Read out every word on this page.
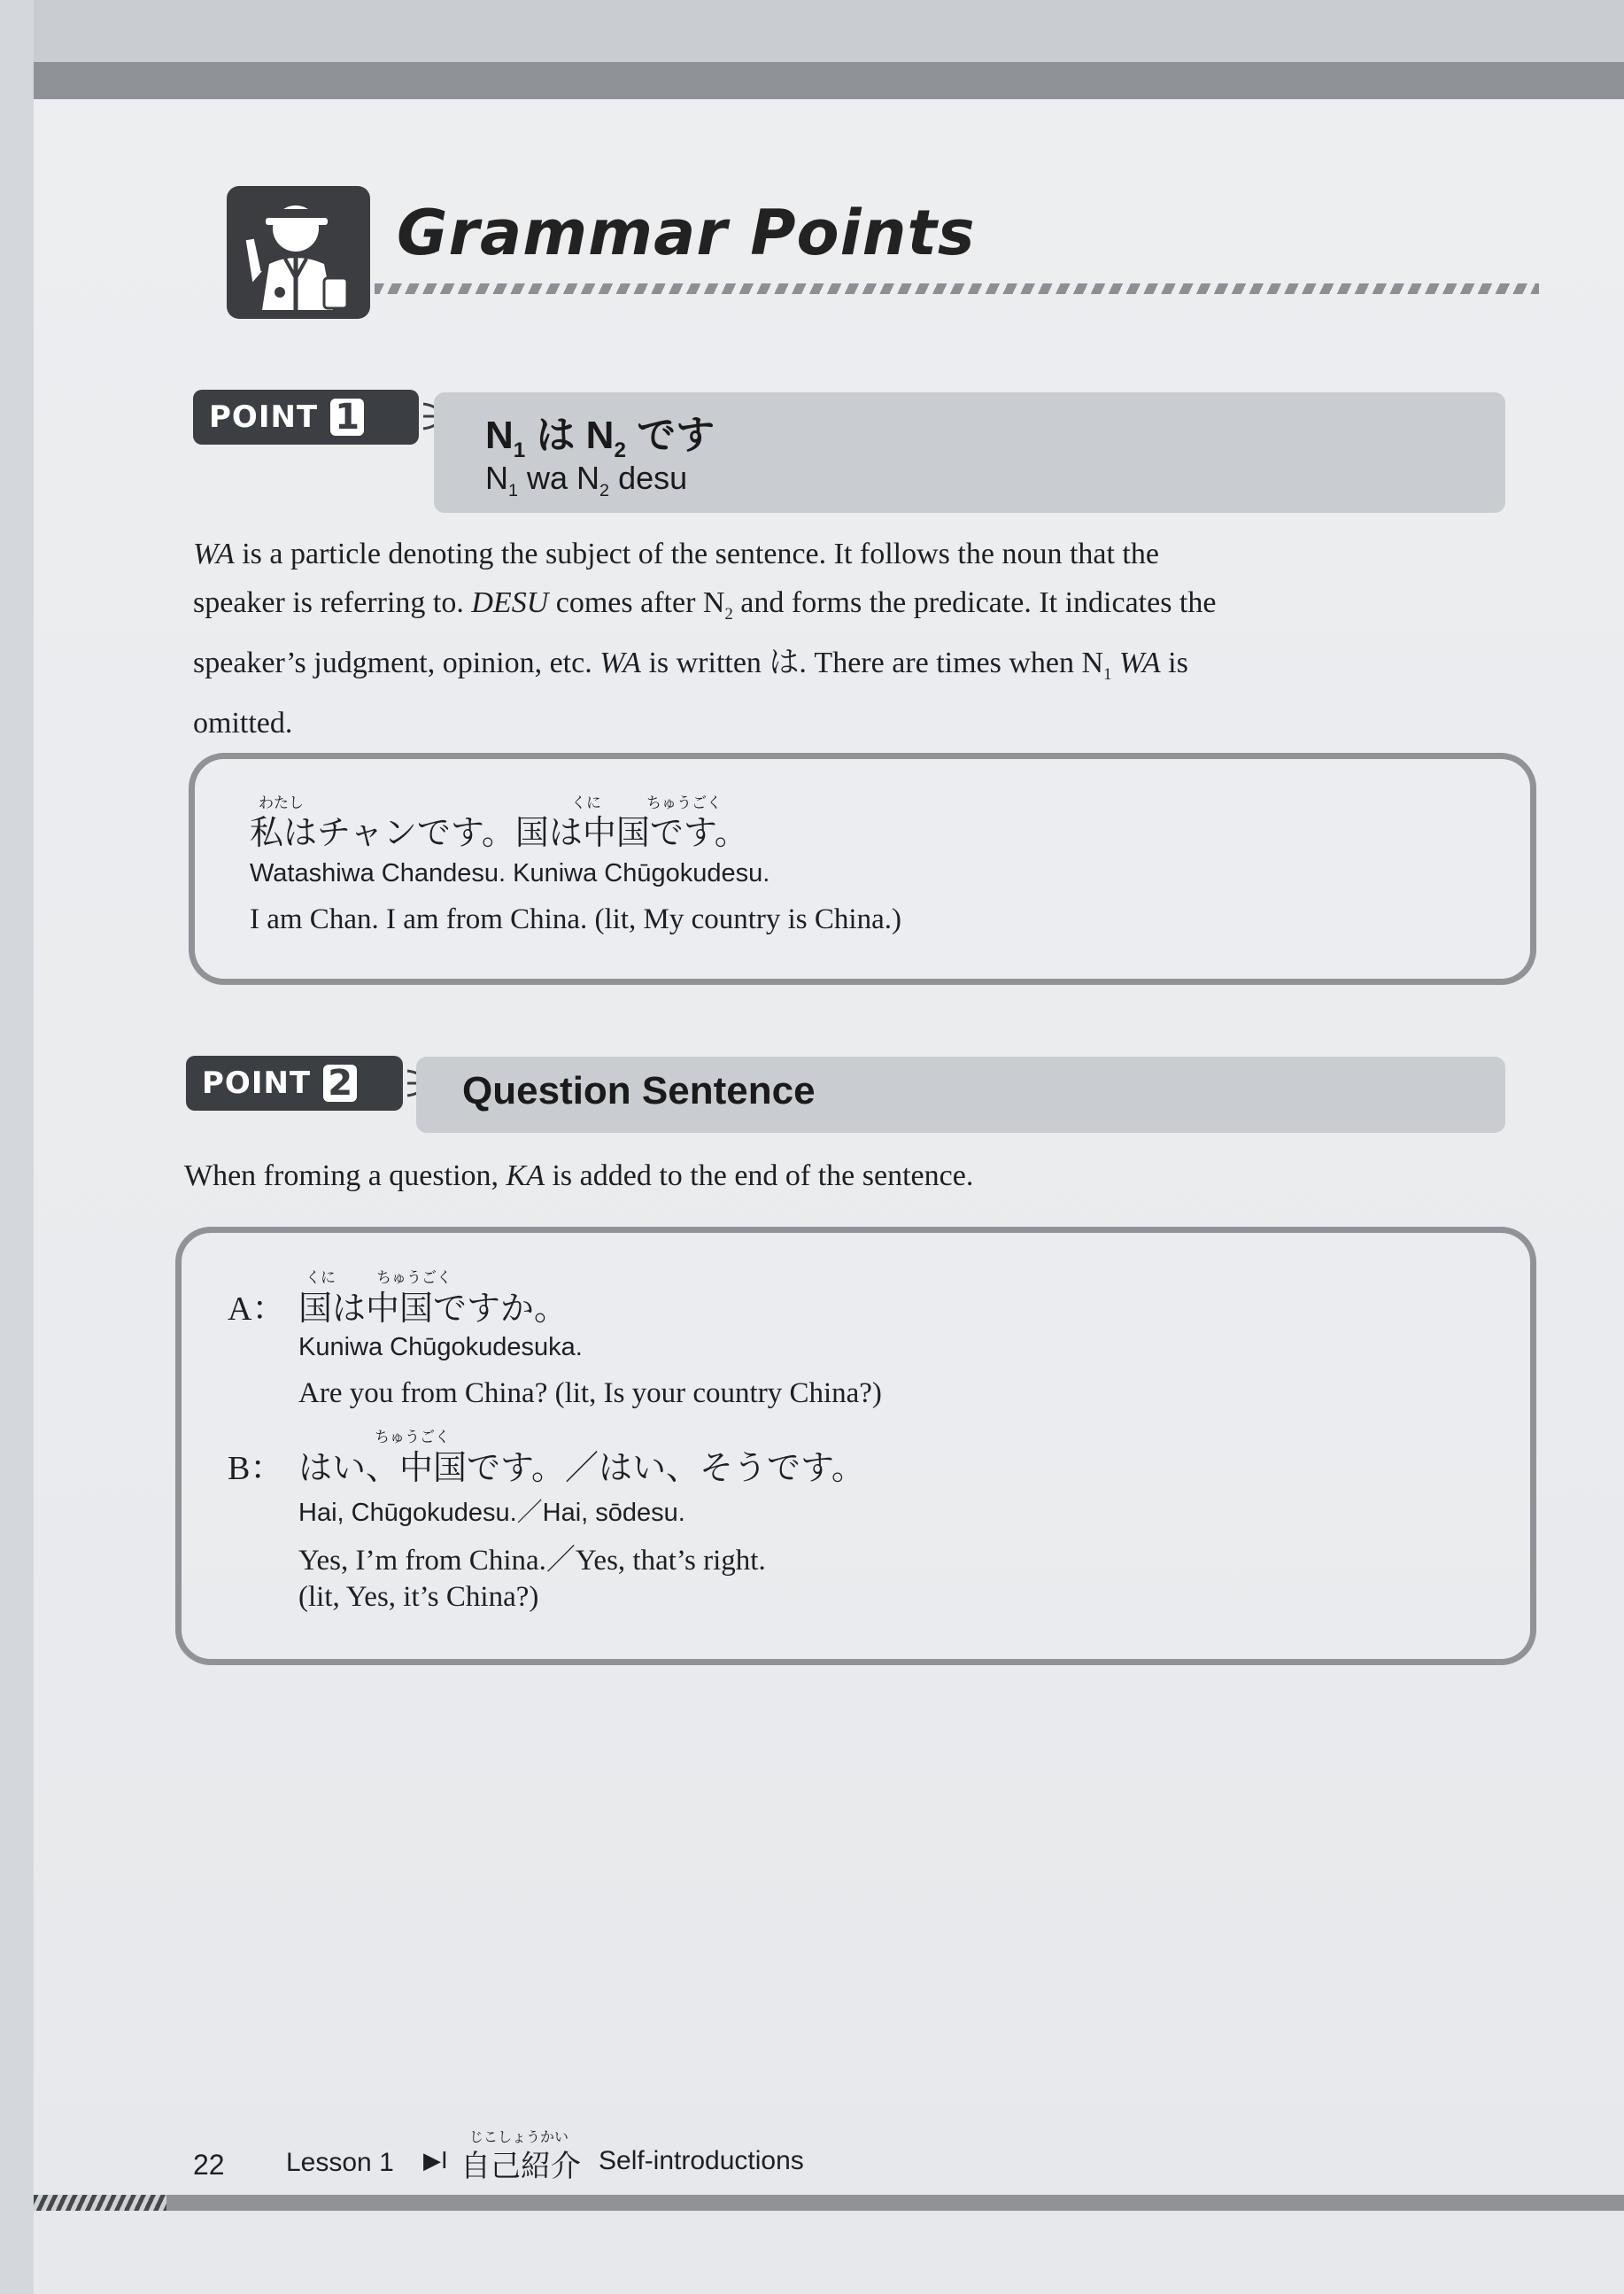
Grammar Points
POINT 1	$N_1$ は $N_2$ です
$N_1$ wa $N_2$ desu
WA is a particle denoting the subject of the sentence. It follows the noun that the
speaker is referring to. DESU comes after $N_2$ and forms the predicate. It indicates the
speaker’s judgment, opinion, etc. WA is written は. There are times when $N_1$ WA is
omitted.
わたし	くに	ちゅうごく
私はチャンです。国は中国です。
Watashiwa Chandesu. Kuniwa Chūgokudesu.
I am Chan. I am from China. (lit, My country is China.)
POINT 2	Question Sentence
When froming a question, KA is added to the end of the sentence.
A：
くに	ちゅうごく
国は中国ですか。
Kuniwa Chūgokudesuka.
Are you from China? (lit, Is your country China?)
B：
ちゅうごく
はい、中国です。／はい、そうです。
Hai, Chūgokudesu.／Hai, sōdesu.
Yes, I’m from China.／Yes, that’s right.
(lit, Yes, it’s China?)
22 Lesson 1 ▶I
じこしょうかい
自己紹介 Self-introductions
